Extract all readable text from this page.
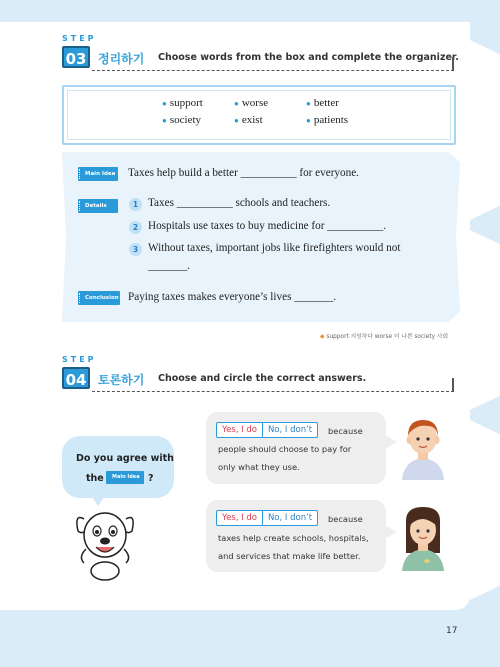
STEP
03 정리하기 Choose words from the box and complete the organizer.
● support	● worse	● better
● society	● exist	● patients
Main Idea Taxes help build a better __________ for everyone.
Details	1 Taxes __________ schools and teachers.
2 Hospitals use taxes to buy medicine for __________.
3 Without taxes, important jobs like firefighters would not
_______.
Conclusion Paying taxes makes everyone’s lives _______.
◆ support 지원하다 worse 더 나쁜 society 사회
STEP
04 토론하기 Choose and circle the correct answers.
Do you agree with
the	Main Idea ?
Yes, I do	No, I don’t	because
people should choose to pay for
only what they use.
Yes, I do	No, I don’t	because
taxes help create schools, hospitals,
and services that make life better.
17
